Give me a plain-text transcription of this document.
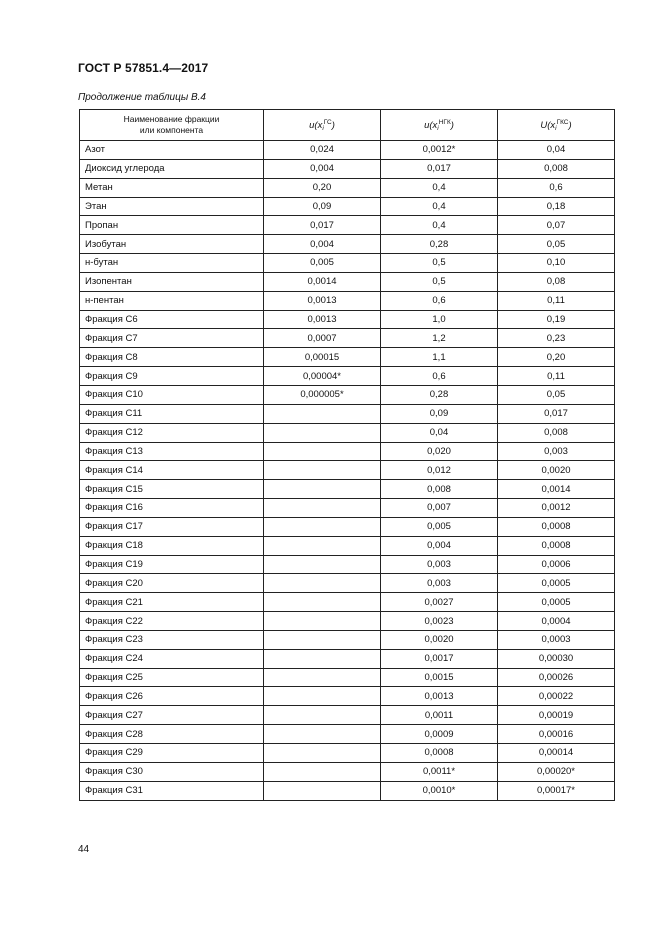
ГОСТ Р 57851.4—2017
Продолжение таблицы В.4
Наименование фракции
или компонента	$u(x_i^{ГС})$	$u(x_i^{НГК})$	$U(x_i^{ГКС})$
Азот	0,024	0,0012*	0,04
Диоксид углерода	0,004	0,017	0,008
Метан	0,20	0,4	0,6
Этан	0,09	0,4	0,18
Пропан	0,017	0,4	0,07
Изобутан	0,004	0,28	0,05
н-бутан	0,005	0,5	0,10
Изопентан	0,0014	0,5	0,08
н-пентан	0,0013	0,6	0,11
Фракция С6	0,0013	1,0	0,19
Фракция С7	0,0007	1,2	0,23
Фракция С8	0,00015	1,1	0,20
Фракция С9	0,00004*	0,6	0,11
Фракция С10	0,000005*	0,28	0,05
Фракция С11		0,09	0,017
Фракция С12		0,04	0,008
Фракция С13		0,020	0,003
Фракция С14		0,012	0,0020
Фракция С15		0,008	0,0014
Фракция С16		0,007	0,0012
Фракция С17		0,005	0,0008
Фракция С18		0,004	0,0008
Фракция С19		0,003	0,0006
Фракция С20		0,003	0,0005
Фракция С21		0,0027	0,0005
Фракция С22		0,0023	0,0004
Фракция С23		0,0020	0,0003
Фракция С24		0,0017	0,00030
Фракция С25		0,0015	0,00026
Фракция С26		0,0013	0,00022
Фракция С27		0,0011	0,00019
Фракция С28		0,0009	0,00016
Фракция С29		0,0008	0,00014
Фракция С30		0,0011*	0,00020*
Фракция С31		0,0010*	0,00017*
44
